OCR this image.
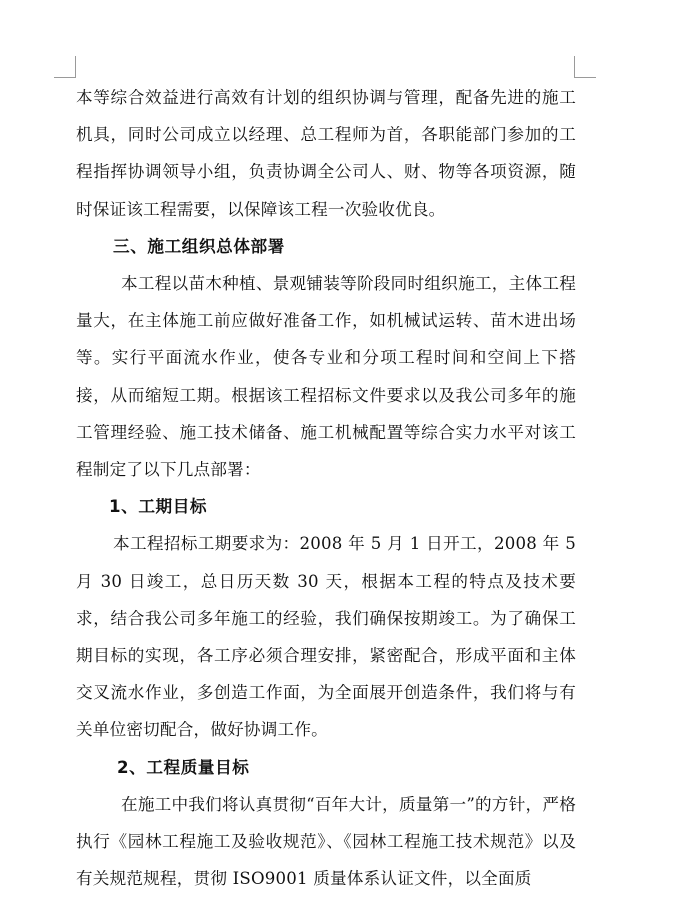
本等综合效益进行高效有计划的组织协调与管理，配备先进的施工机具，同时公司成立以经理、总工程师为首，各职能部门参加的工程指挥协调领导小组，负责协调全公司人、财、物等各项资源，随时保证该工程需要，以保障该工程一次验收优良。

三、施工组织总体部署

本工程以苗木种植、景观铺装等阶段同时组织施工，主体工程量大，在主体施工前应做好准备工作，如机械试运转、苗木进出场等。实行平面流水作业，使各专业和分项工程时间和空间上下搭接，从而缩短工期。根据该工程招标文件要求以及我公司多年的施工管理经验、施工技术储备、施工机械配置等综合实力水平对该工程制定了以下几点部署：

1、工期目标

本工程招标工期要求为：2008 年 5 月 1 日开工，2008 年 5 月 30 日竣工，总日历天数 30 天，根据本工程的特点及技术要求，结合我公司多年施工的经验，我们确保按期竣工。为了确保工期目标的实现，各工序必须合理安排，紧密配合，形成平面和主体交叉流水作业，多创造工作面，为全面展开创造条件，我们将与有关单位密切配合，做好协调工作。

2、工程质量目标

在施工中我们将认真贯彻“百年大计，质量第一”的方针，严格执行《园林工程施工及验收规范》、《园林工程施工技术规范》以及有关规范规程，贯彻 ISO9001 质量体系认证文件，以全面质
